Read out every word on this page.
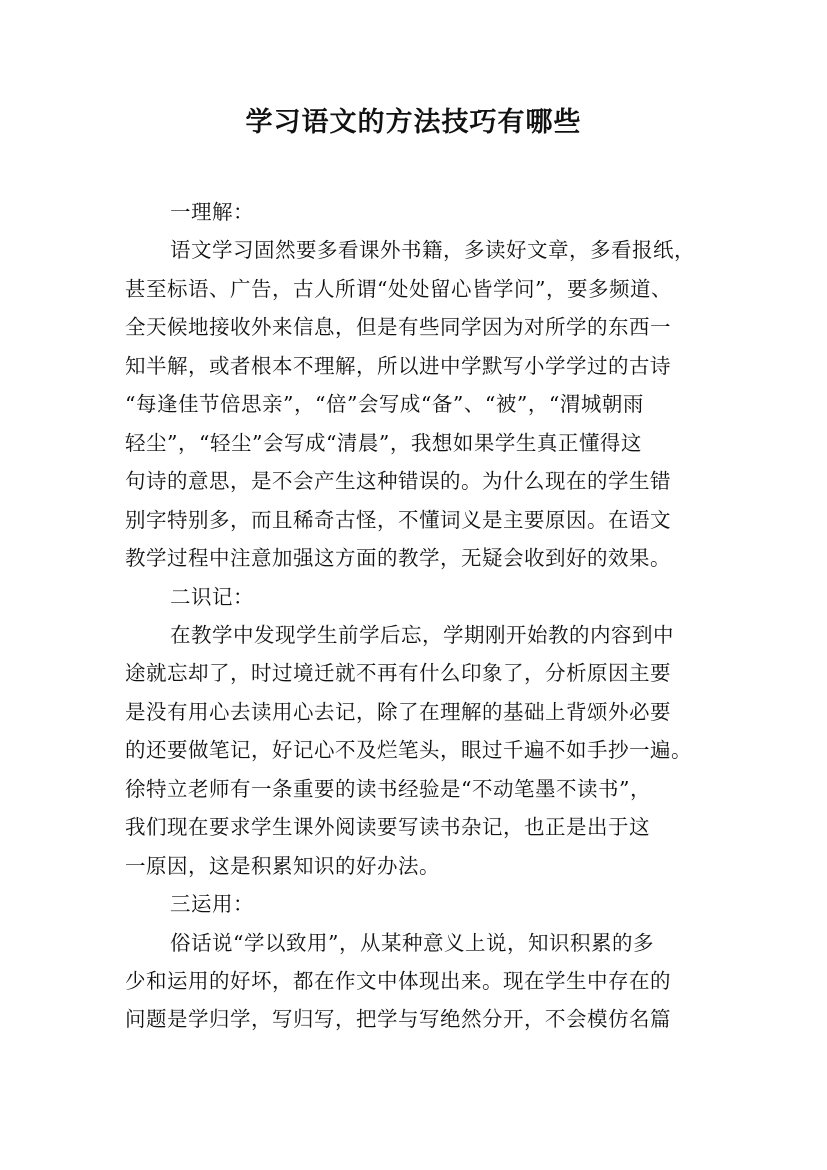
学习语文的方法技巧有哪些
一理解：
语文学习固然要多看课外书籍，多读好文章，多看报纸，
甚至标语、广告，古人所谓“处处留心皆学问”，要多频道、
全天候地接收外来信息，但是有些同学因为对所学的东西一
知半解，或者根本不理解，所以进中学默写小学学过的古诗
“每逢佳节倍思亲”，“倍”会写成“备”、“被”，“渭城朝雨
轻尘”，“轻尘”会写成“清晨”，我想如果学生真正懂得这
句诗的意思，是不会产生这种错误的。为什么现在的学生错
别字特别多，而且稀奇古怪，不懂词义是主要原因。在语文
教学过程中注意加强这方面的教学，无疑会收到好的效果。
二识记：
在教学中发现学生前学后忘，学期刚开始教的内容到中
途就忘却了，时过境迁就不再有什么印象了，分析原因主要
是没有用心去读用心去记，除了在理解的基础上背颂外必要
的还要做笔记，好记心不及烂笔头，眼过千遍不如手抄一遍。
徐特立老师有一条重要的读书经验是“不动笔墨不读书”，
我们现在要求学生课外阅读要写读书杂记，也正是出于这
一原因，这是积累知识的好办法。
三运用：
俗话说“学以致用”，从某种意义上说，知识积累的多
少和运用的好坏，都在作文中体现出来。现在学生中存在的
问题是学归学，写归写，把学与写绝然分开，不会模仿名篇
